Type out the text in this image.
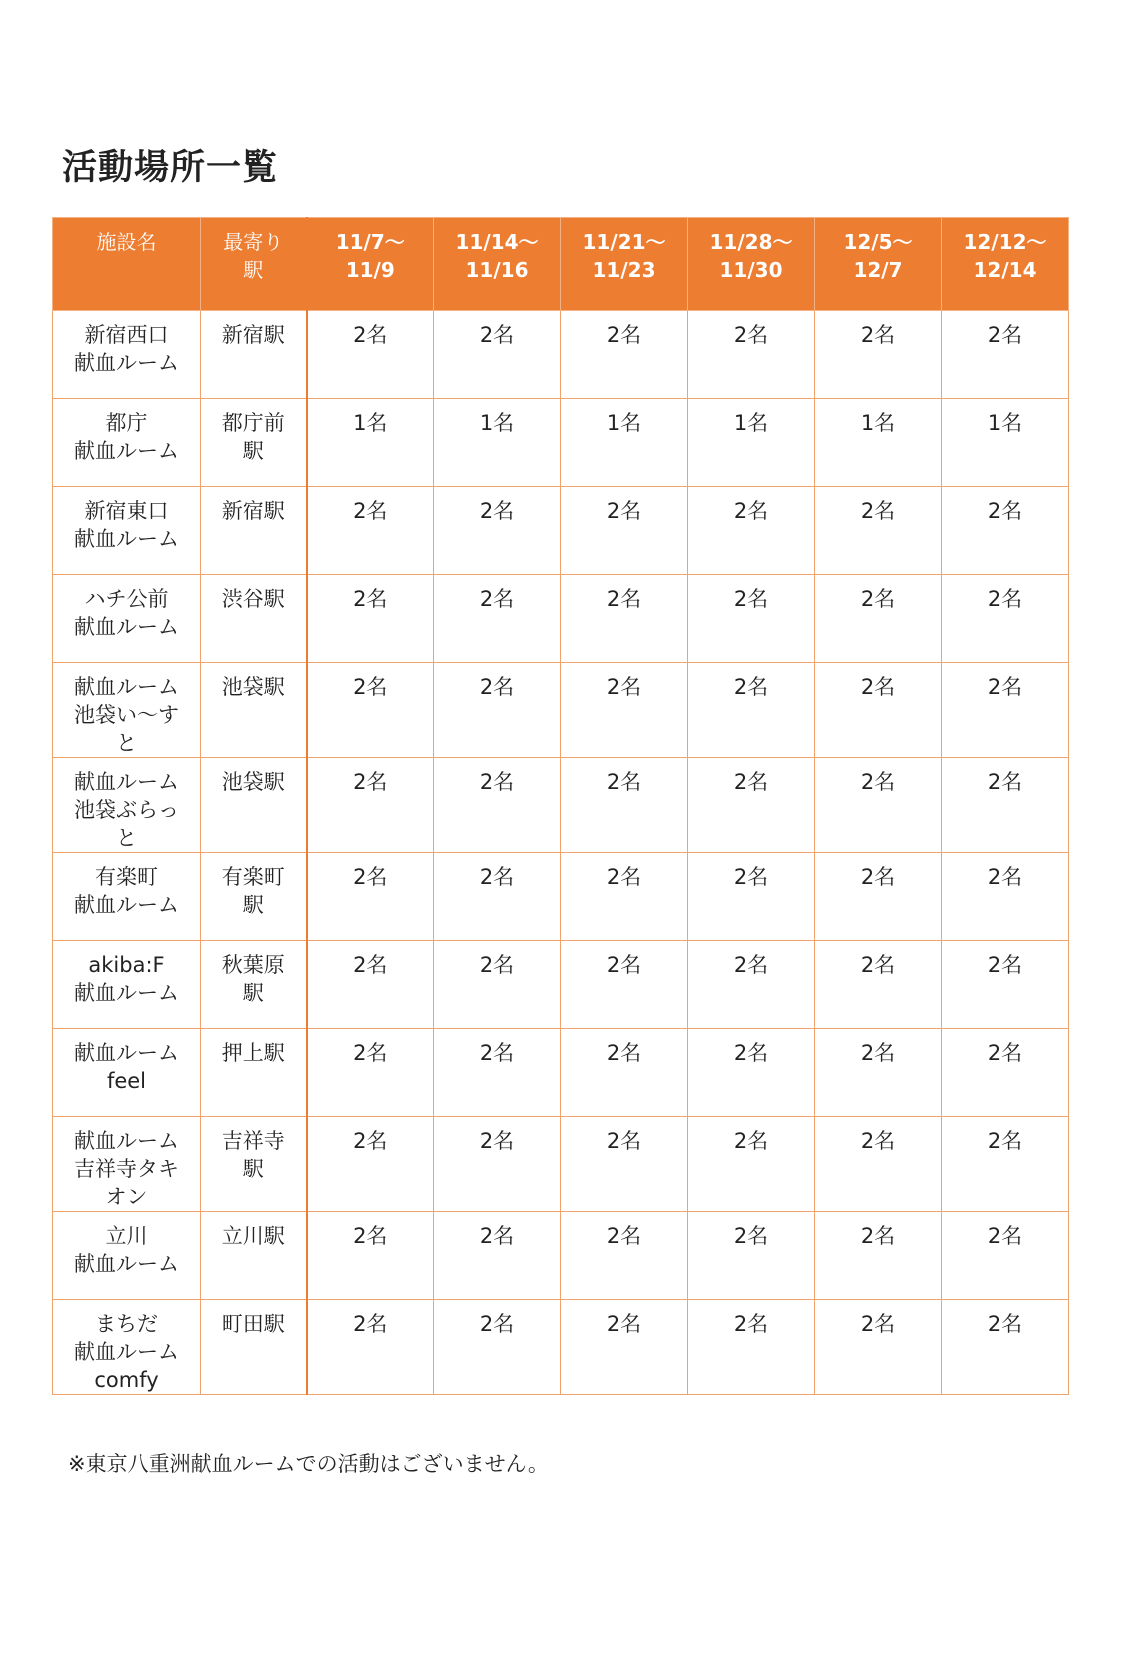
活動場所一覧
施設名	最寄り駅	11/7～11/9	11/14～11/16	11/21～11/23	11/28～11/30	12/5～12/7	12/12～12/14
新宿西口
献血ルーム	新宿駅	2名	2名	2名	2名	2名	2名
都庁
献血ルーム	都庁前駅	1名	1名	1名	1名	1名	1名
新宿東口
献血ルーム	新宿駅	2名	2名	2名	2名	2名	2名
ハチ公前
献血ルーム	渋谷駅	2名	2名	2名	2名	2名	2名
献血ルーム
池袋い～す
と	池袋駅	2名	2名	2名	2名	2名	2名
献血ルーム
池袋ぶらっ
と	池袋駅	2名	2名	2名	2名	2名	2名
有楽町
献血ルーム	有楽町駅	2名	2名	2名	2名	2名	2名
akiba:F
献血ルーム	秋葉原駅	2名	2名	2名	2名	2名	2名
献血ルーム
feel	押上駅	2名	2名	2名	2名	2名	2名
献血ルーム
吉祥寺タキ
オン	吉祥寺駅	2名	2名	2名	2名	2名	2名
立川
献血ルーム	立川駅	2名	2名	2名	2名	2名	2名
まちだ
献血ルーム
comfy	町田駅	2名	2名	2名	2名	2名	2名

※東京八重洲献血ルームでの活動はございません。
